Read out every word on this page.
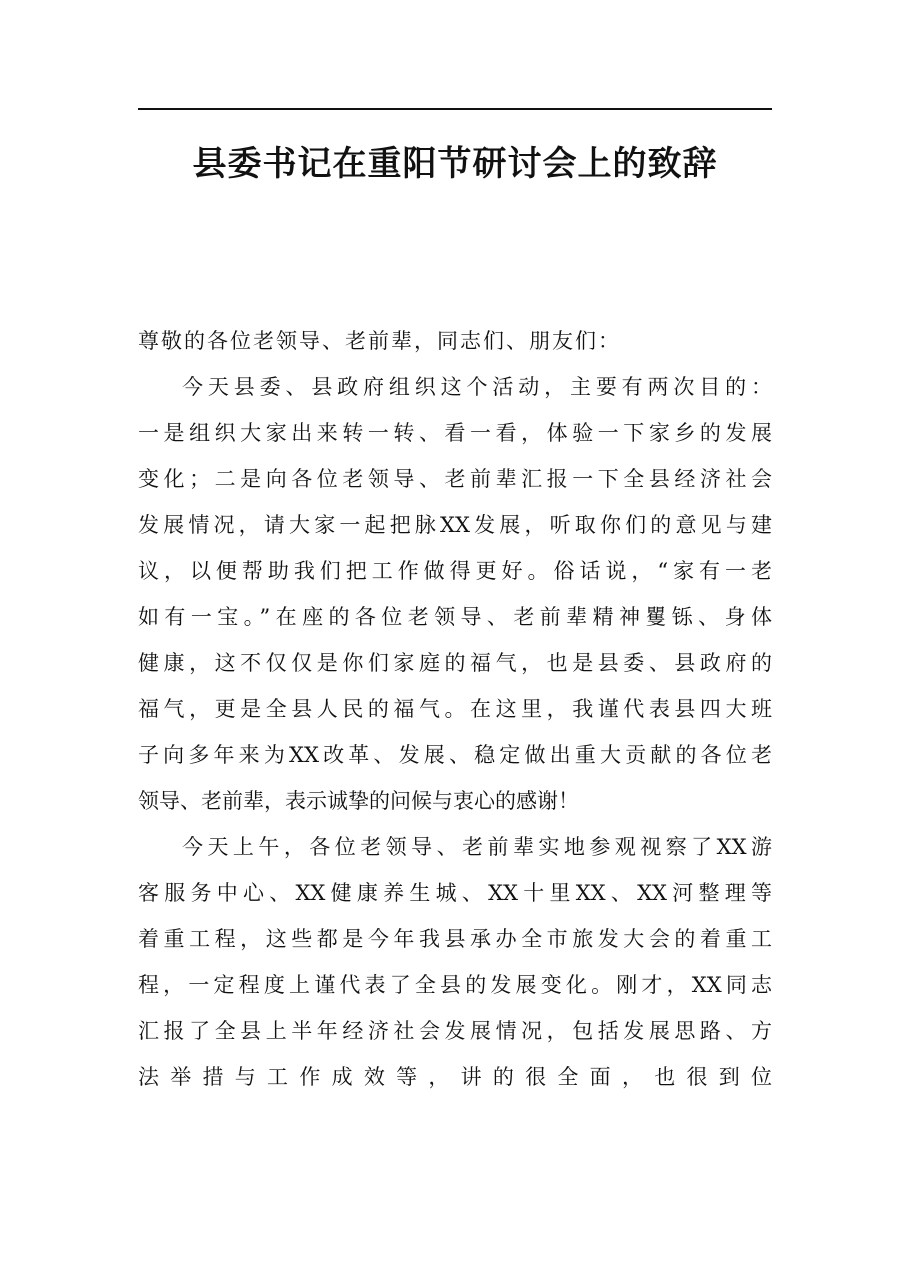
县委书记在重阳节研讨会上的致辞
尊敬的各位老领导、老前辈，同志们、朋友们：
今天县委、县政府组织这个活动，主要有两次目的：
一是组织大家出来转一转、看一看，体验一下家乡的发展
变化；二是向各位老领导、老前辈汇报一下全县经济社会
发展情况，请大家一起把脉XX发展，听取你们的意见与建
议，以便帮助我们把工作做得更好。俗话说，“家有一老
如有一宝。”在座的各位老领导、老前辈精神矍铄、身体
健康，这不仅仅是你们家庭的福气，也是县委、县政府的
福气，更是全县人民的福气。在这里，我谨代表县四大班
子向多年来为XX改革、发展、稳定做出重大贡献的各位老
领导、老前辈，表示诚挚的问候与衷心的感谢！
今天上午，各位老领导、老前辈实地参观视察了XX游
客服务中心、XX健康养生城、XX十里XX、XX河整理等
着重工程，这些都是今年我县承办全市旅发大会的着重工
程，一定程度上谨代表了全县的发展变化。刚才，XX同志
汇报了全县上半年经济社会发展情况，包括发展思路、方
法举措与工作成效等，讲的很全面，也很到位
